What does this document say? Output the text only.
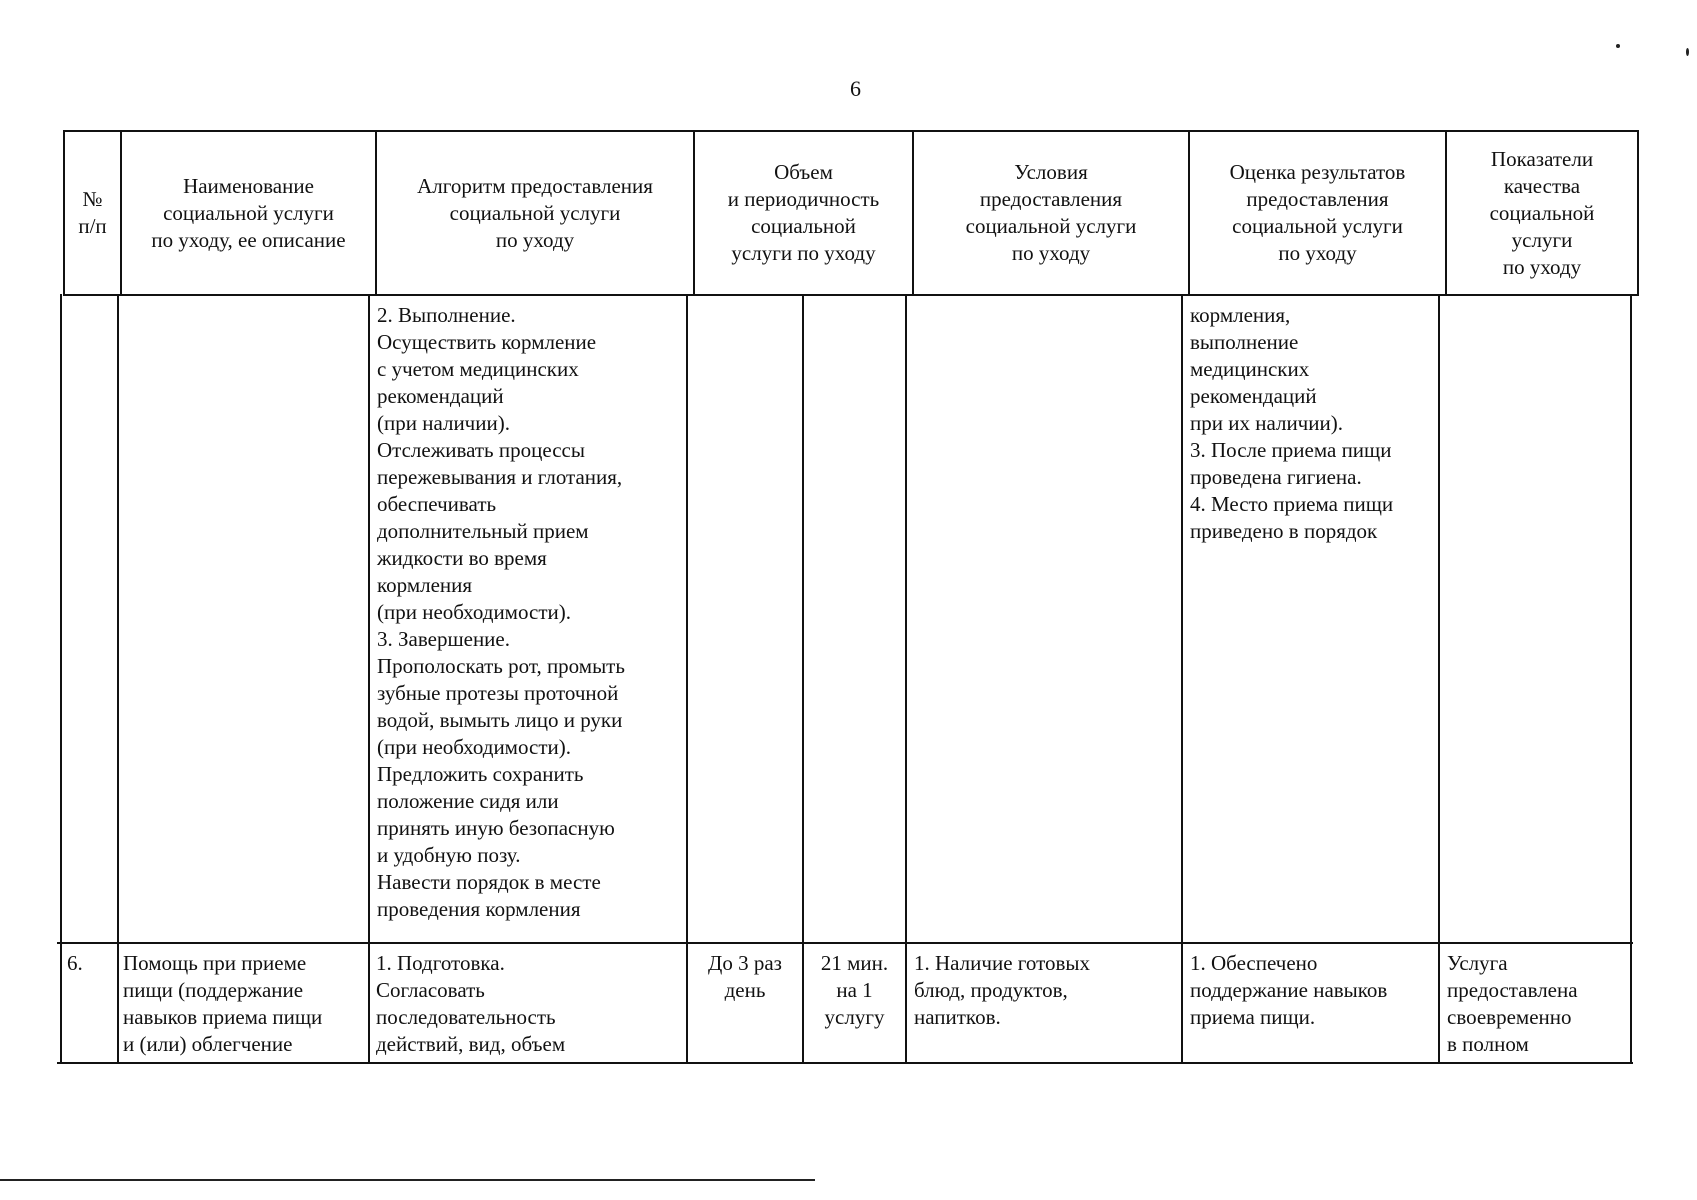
6
№
п/п
Наименование
социальной услуги
по уходу, ее описание
Алгоритм предоставления
социальной услуги
по уходу
Объем
и периодичность
социальной
услуги по уходу
Условия
предоставления
социальной услуги
по уходу
Оценка результатов
предоставления
социальной услуги
по уходу
Показатели
качества
социальной
услуги
по уходу
2. Выполнение.
Осуществить кормление
с учетом медицинских
рекомендаций
(при наличии).
Отслеживать процессы
пережевывания и глотания,
обеспечивать
дополнительный прием
жидкости во время
кормления
(при необходимости).
3. Завершение.
Прополоскать рот, промыть
зубные протезы проточной
водой, вымыть лицо и руки
(при необходимости).
Предложить сохранить
положение сидя или
принять иную безопасную
и удобную позу.
Навести порядок в месте
проведения кормления
кормления,
выполнение
медицинских
рекомендаций
при их наличии).
3. После приема пищи
проведена гигиена.
4. Место приема пищи
приведено в порядок
6.	Помощь при приеме
пищи (поддержание
навыков приема пищи
и (или) облегчение
1. Подготовка.
Согласовать
последовательность
действий, вид, объем
До 3 раз
день
21 мин.
на 1
услугу
1. Наличие готовых
блюд, продуктов,
напитков.
1. Обеспечено
поддержание навыков
приема пищи.
Услуга
предоставлена
своевременно
в полном
